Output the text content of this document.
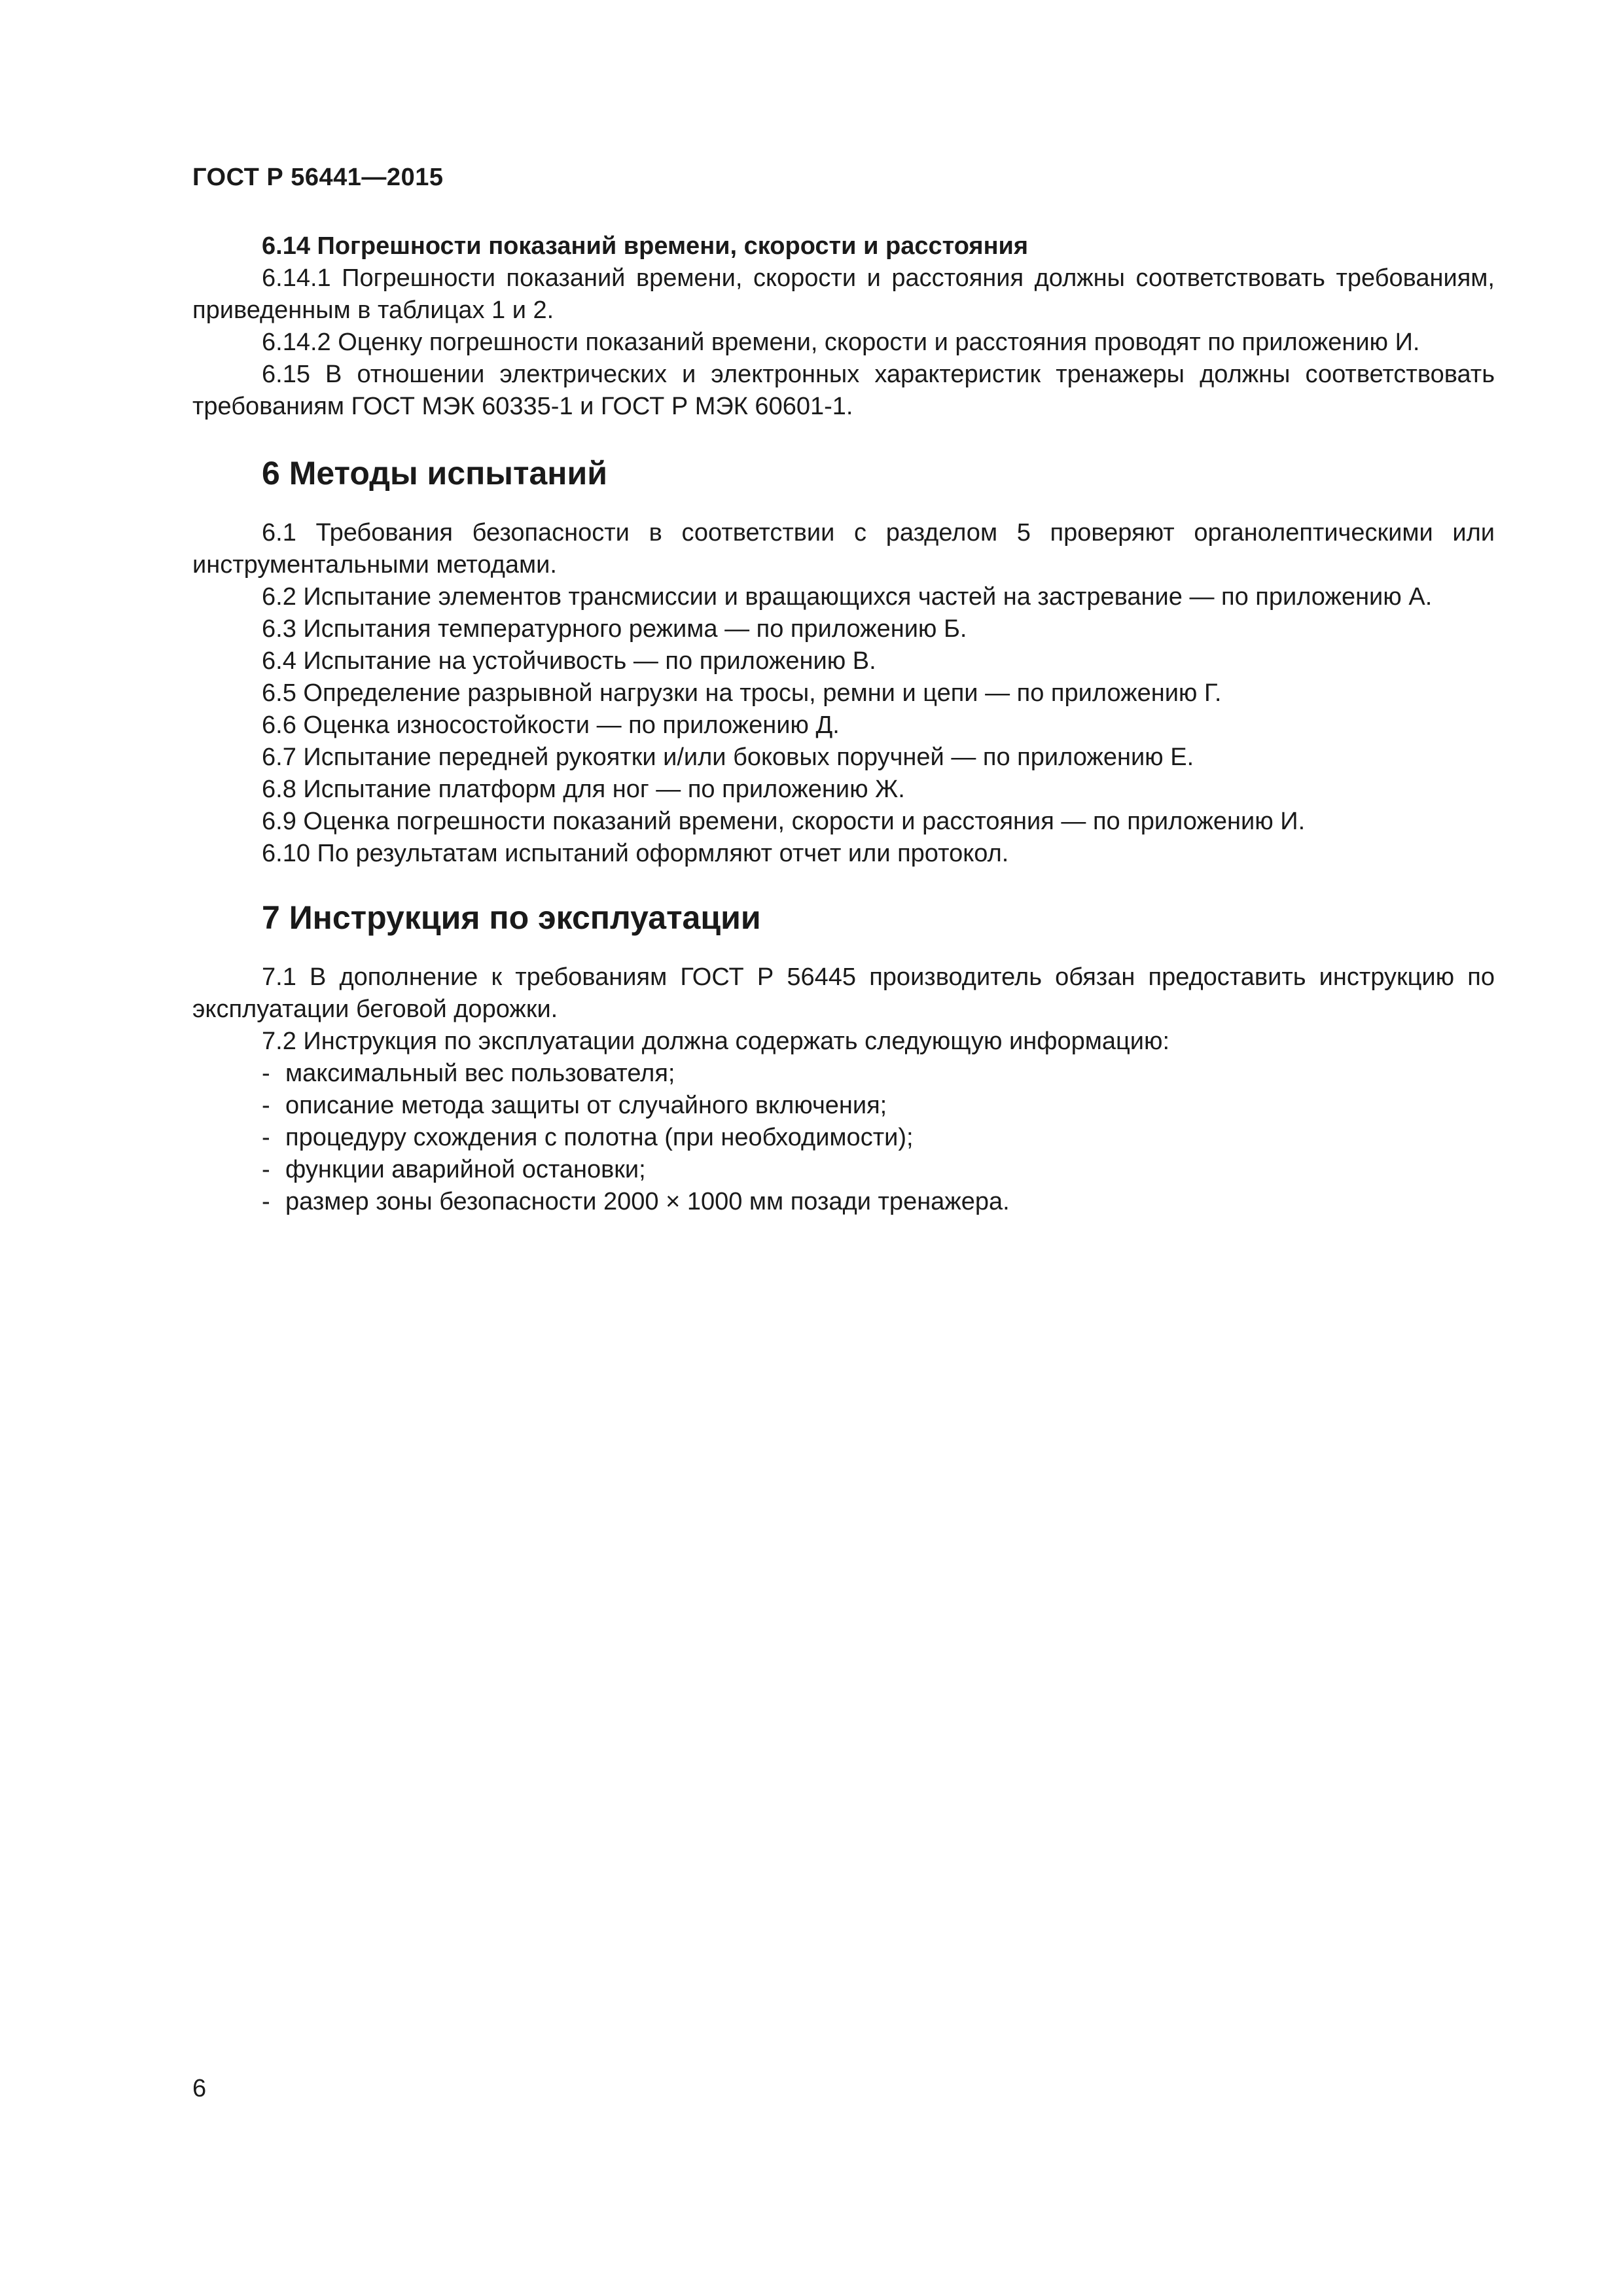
ГОСТ Р 56441—2015

6.14 Погрешности показаний времени, скорости и расстояния

6.14.1 Погрешности показаний времени, скорости и расстояния должны соответствовать требованиям, приведенным в таблицах 1 и 2.

6.14.2 Оценку погрешности показаний времени, скорости и расстояния проводят по приложению И.

6.15 В отношении электрических и электронных характеристик тренажеры должны соответствовать требованиям ГОСТ МЭК 60335-1 и ГОСТ Р МЭК 60601-1.

6 Методы испытаний

6.1 Требования безопасности в соответствии с разделом 5 проверяют органолептическими или инструментальными методами.

6.2 Испытание элементов трансмиссии и вращающихся частей на застревание — по приложению А.

6.3 Испытания температурного режима — по приложению Б.

6.4 Испытание на устойчивость — по приложению В.

6.5 Определение разрывной нагрузки на тросы, ремни и цепи — по приложению Г.

6.6 Оценка износостойкости — по приложению Д.

6.7 Испытание передней рукоятки и/или боковых поручней — по приложению Е.

6.8 Испытание платформ для ног — по приложению Ж.

6.9 Оценка погрешности показаний времени, скорости и расстояния — по приложению И.

6.10 По результатам испытаний оформляют отчет или протокол.

7 Инструкция по эксплуатации

7.1 В дополнение к требованиям ГОСТ Р 56445 производитель обязан предоставить инструкцию по эксплуатации беговой дорожки.

7.2 Инструкция по эксплуатации должна содержать следующую информацию:

- максимальный вес пользователя;
- описание метода защиты от случайного включения;
- процедуру схождения с полотна (при необходимости);
- функции аварийной остановки;
- размер зоны безопасности 2000 × 1000 мм позади тренажера.
6
